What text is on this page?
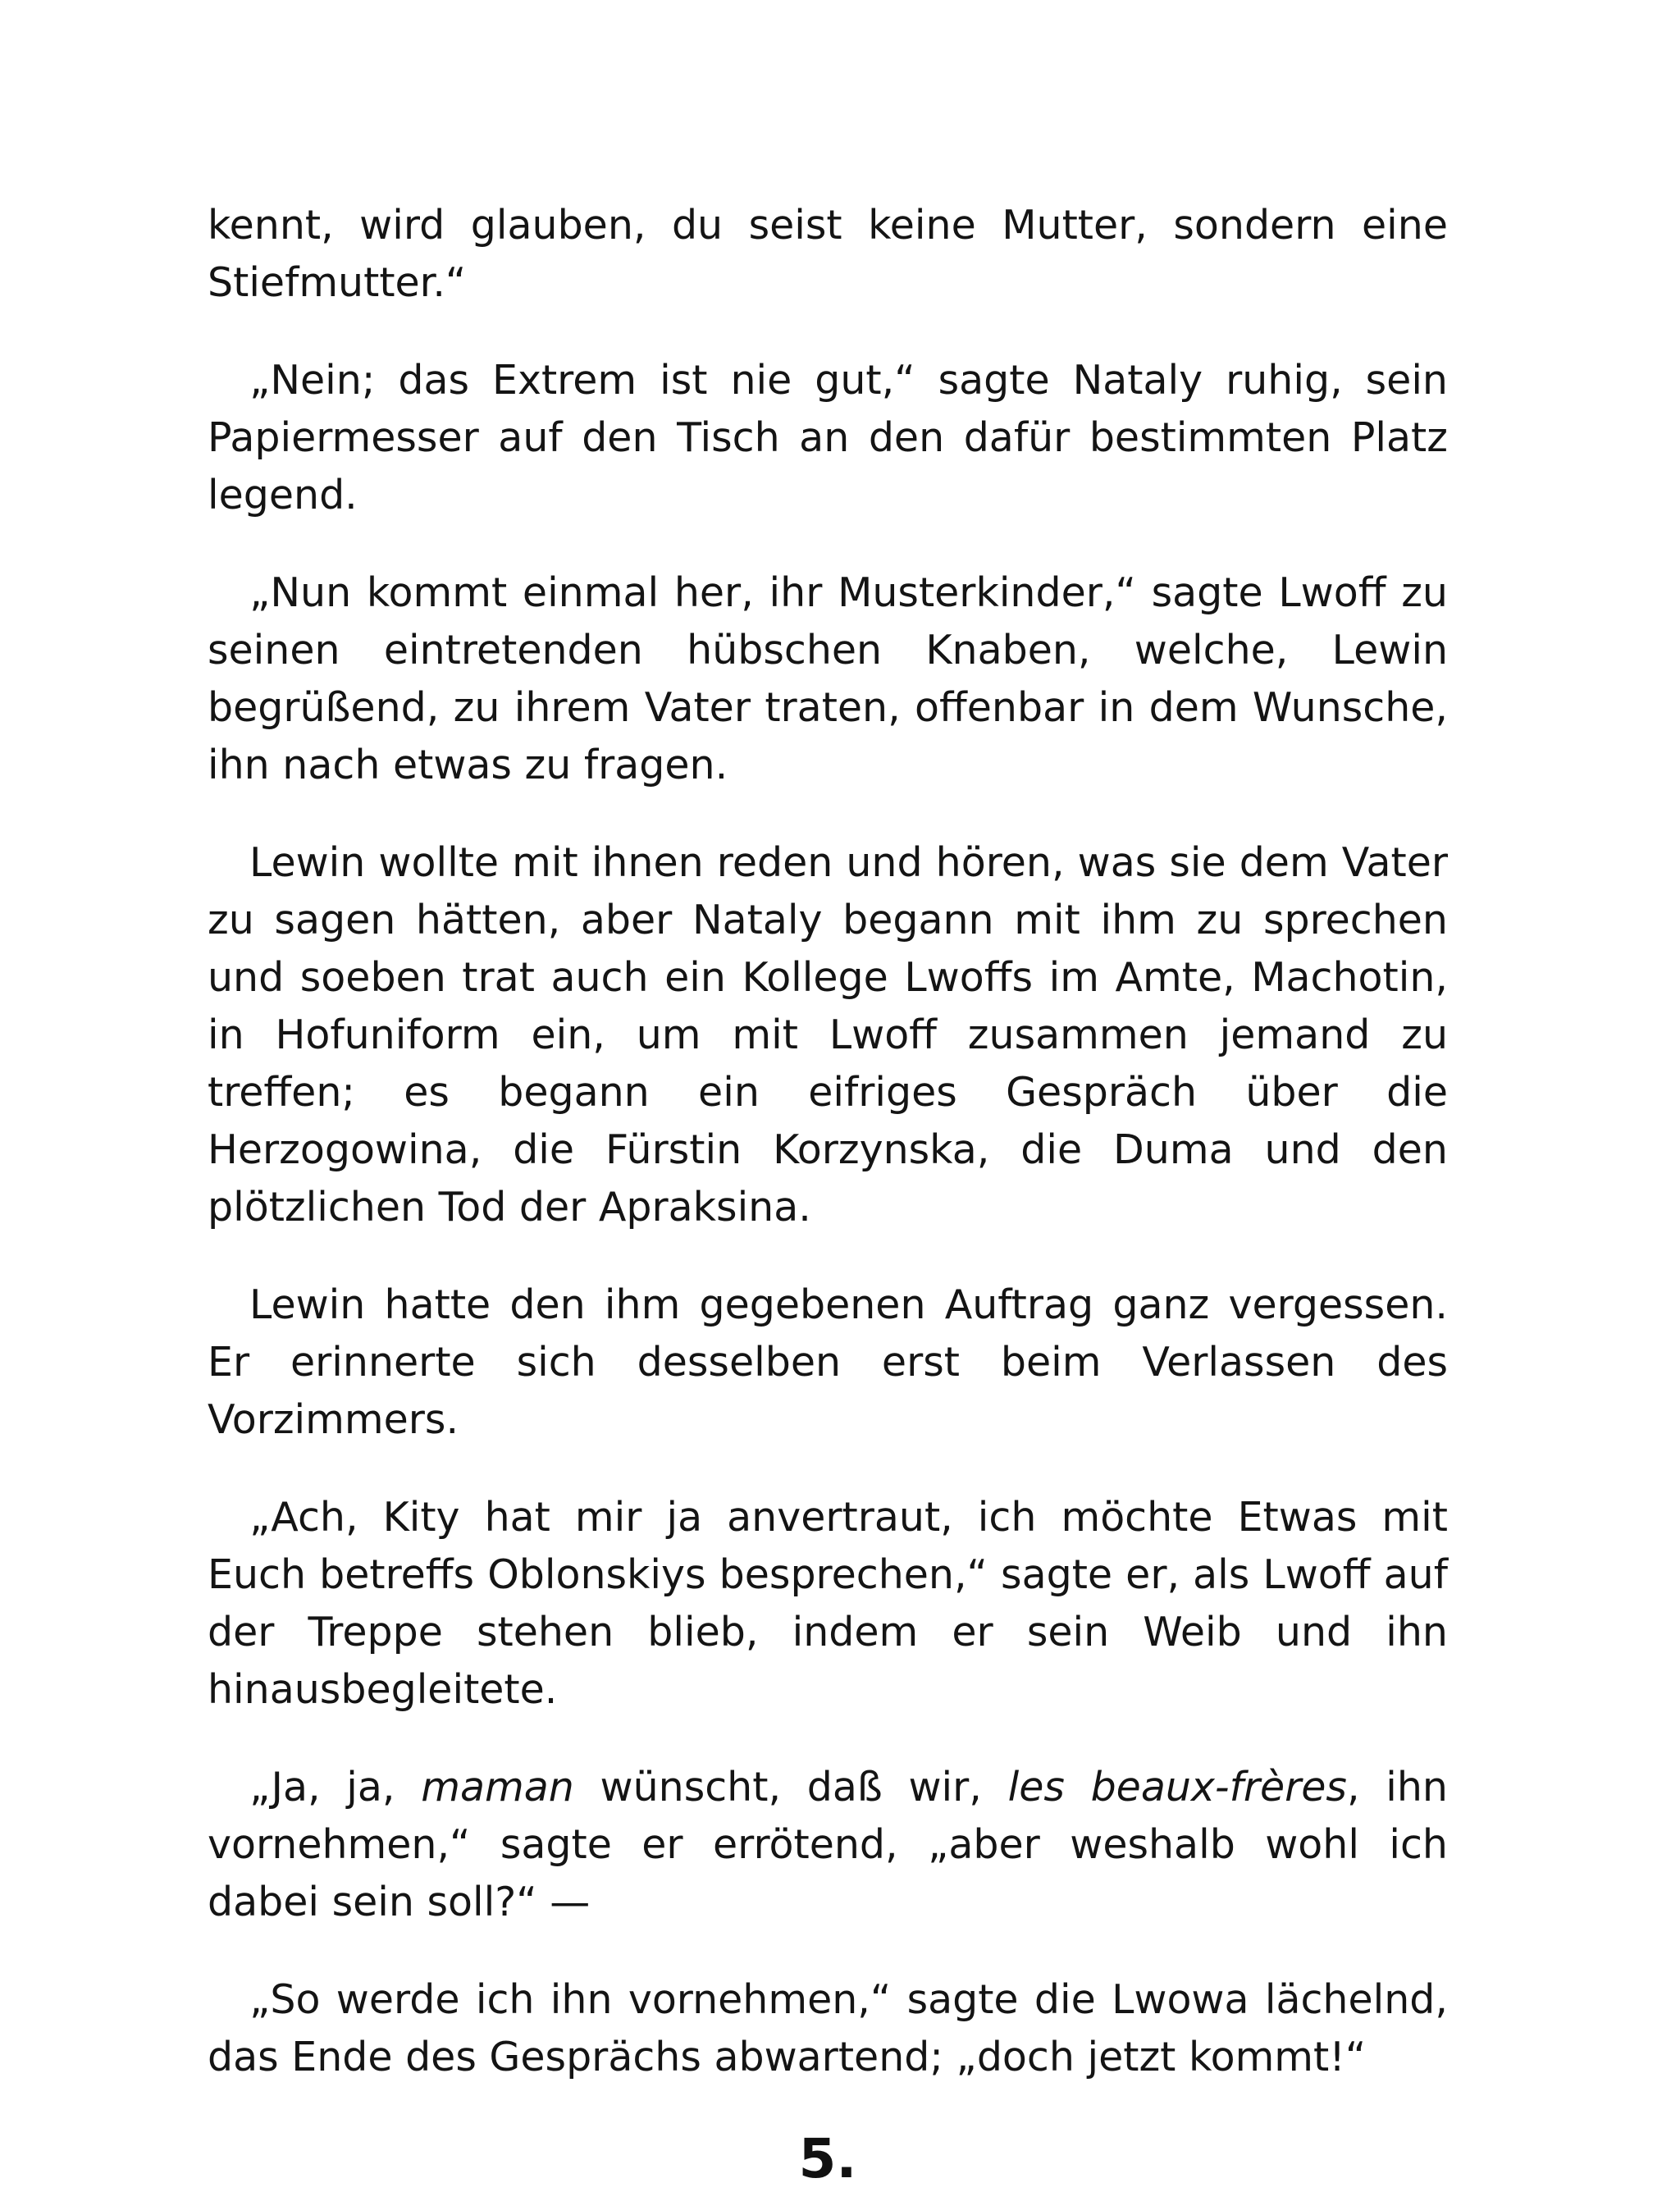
kennt, wird glauben, du seist keine Mutter, sondern eine Stiefmutter.“

„Nein; das Extrem ist nie gut,“ sagte Nataly ruhig, sein Papiermesser auf den Tisch an den dafür bestimmten Platz legend.

„Nun kommt einmal her, ihr Musterkinder,“ sagte Lwoff zu seinen eintretenden hübschen Knaben, welche, Lewin begrüßend, zu ihrem Vater traten, offenbar in dem Wunsche, ihn nach etwas zu fragen.

Lewin wollte mit ihnen reden und hören, was sie dem Vater zu sagen hätten, aber Nataly begann mit ihm zu sprechen und soeben trat auch ein Kollege Lwoffs im Amte, Machotin, in Hofuniform ein, um mit Lwoff zusammen jemand zu treffen; es begann ein eifriges Gespräch über die Herzogowina, die Fürstin Korzynska, die Duma und den plötzlichen Tod der Apraksina.

Lewin hatte den ihm gegebenen Auftrag ganz vergessen. Er erinnerte sich desselben erst beim Verlassen des Vorzimmers.

„Ach, Kity hat mir ja anvertraut, ich möchte Etwas mit Euch betreffs Oblonskiys besprechen,“ sagte er, als Lwoff auf der Treppe stehen blieb, indem er sein Weib und ihn hinausbegleitete.

„Ja, ja, maman wünscht, daß wir, les beaux-frères, ihn vornehmen,“ sagte er errötend, „aber weshalb wohl ich dabei sein soll?“ —

„So werde ich ihn vornehmen,“ sagte die Lwowa lächelnd, das Ende des Gesprächs abwartend; „doch jetzt kommt!“

5.
